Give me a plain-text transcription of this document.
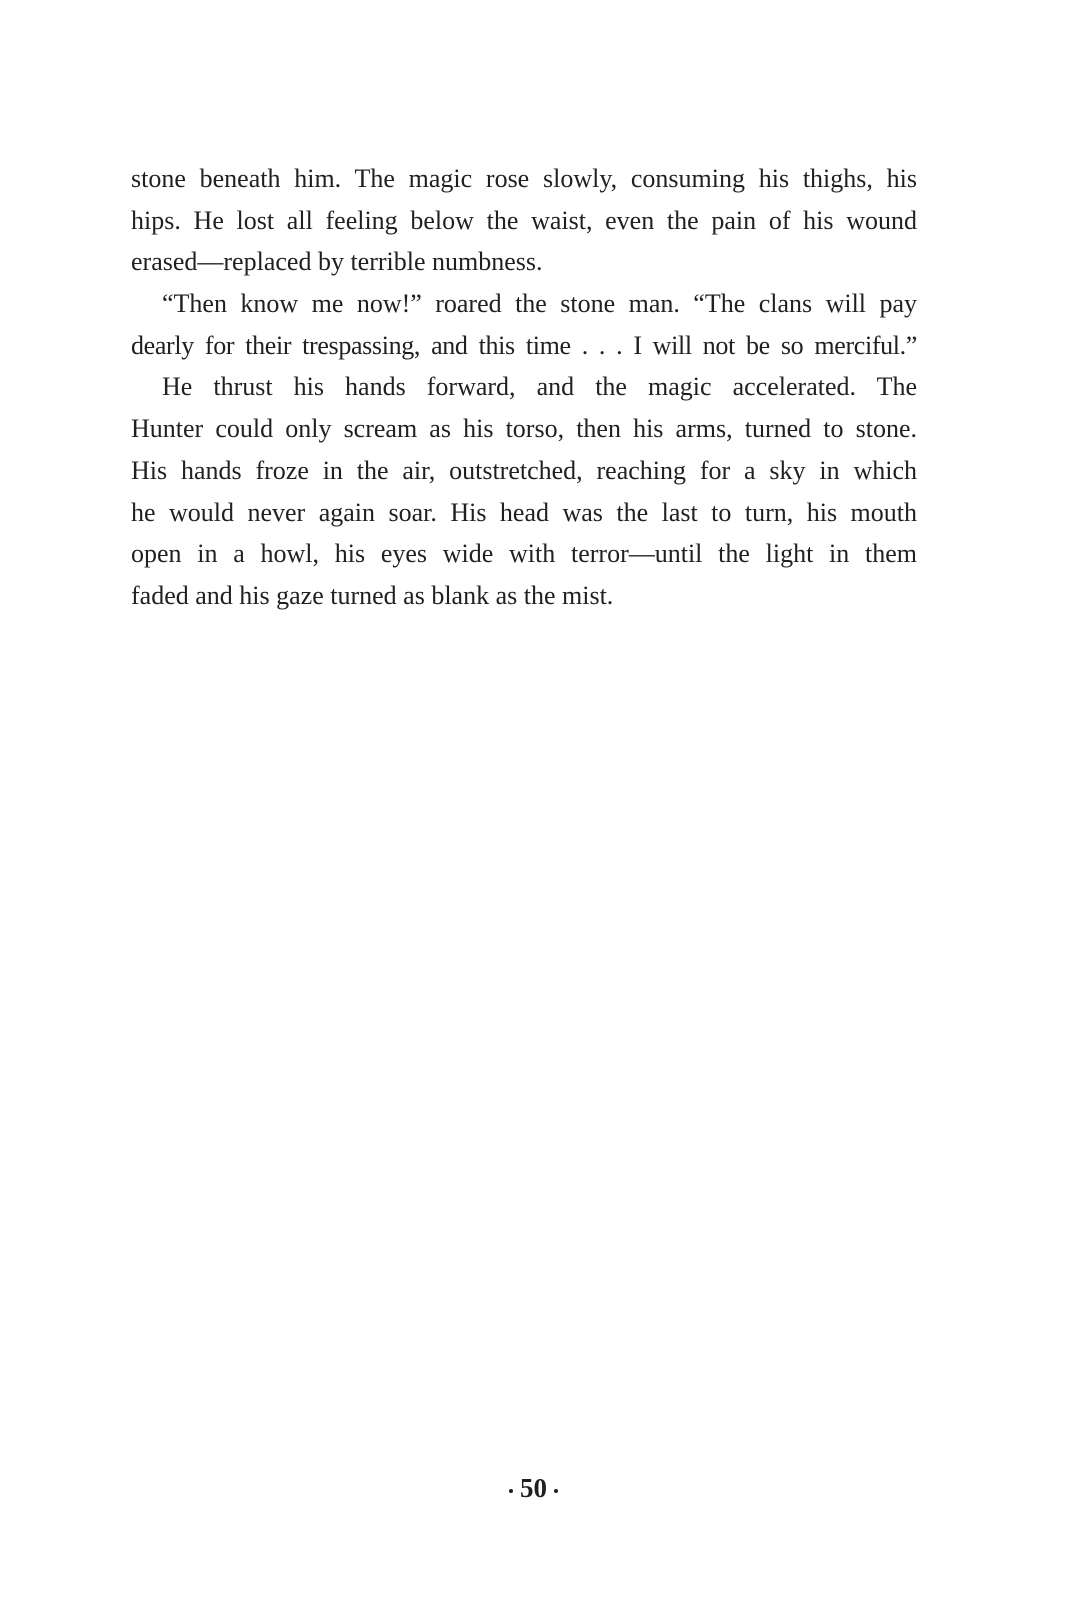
stone beneath him. The magic rose slowly, consuming his thighs, his
hips. He lost all feeling below the waist, even the pain of his wound
erased—replaced by terrible numbness.
“Then know me now!” roared the stone man. “The clans will pay
dearly for their trespassing, and this time . . . I will not be so merciful.”
He thrust his hands forward, and the magic accelerated. The
Hunter could only scream as his torso, then his arms, turned to stone.
His hands froze in the air, outstretched, reaching for a sky in which
he would never again soar. His head was the last to turn, his mouth
open in a howl, his eyes wide with terror—until the light in them
faded and his gaze turned as blank as the mist.
50
